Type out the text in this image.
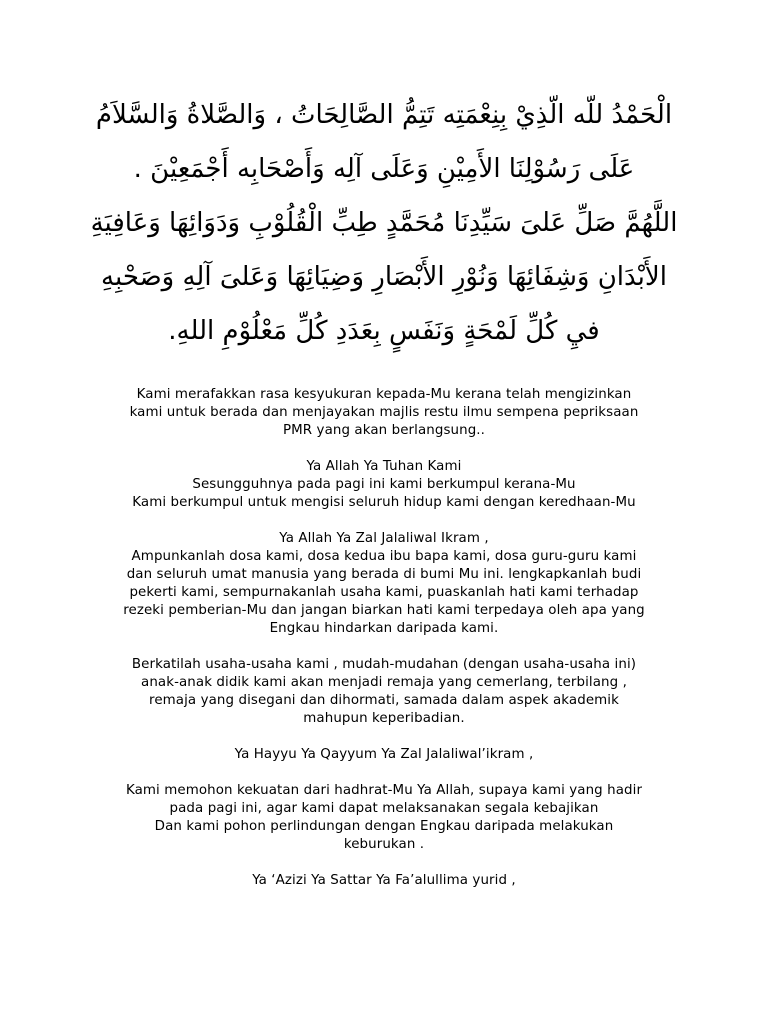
الْحَمْدُ للّه الّذِيْ بِنِعْمَتِه تَتِمُّ الصَّالِحَاتُ ، وَالصَّلاةُ وَالسَّلاَمُ
عَلَى رَسُوْلِنَا الأَمِيْنِ وَعَلَى آلِه وَأَصْحَابِه أَجْمَعِيْنَ .
اللَّهُمَّ صَلِّ عَلىَ سَيِّدِنَا مُحَمَّدٍ طِبِّ الْقُلُوْبِ وَدَوَائِهَا وَعَافِيَةِ
الأَبْدَانِ وَشِفَائِهَا وَنُوْرِ الأَبْصَارِ وَضِيَائِهَا وَعَلىَ آلِهِ وَصَحْبِهِ
فيِ كُلِّ لَمْحَةٍ وَنَفَسٍ بِعَدَدِ كُلِّ مَعْلُوْمِ اللهِ.

Kami merafakkan rasa kesyukuran kepada-Mu kerana telah mengizinkan
kami untuk berada dan menjayakan majlis restu ilmu sempena pepriksaan
PMR yang akan berlangsung..

Ya Allah Ya Tuhan Kami
Sesungguhnya pada pagi ini kami berkumpul kerana-Mu
Kami berkumpul untuk mengisi seluruh hidup kami dengan keredhaan-Mu

Ya Allah Ya Zal Jalaliwal Ikram ,
Ampunkanlah dosa kami, dosa kedua ibu bapa kami, dosa guru-guru kami
dan seluruh umat manusia yang berada di bumi Mu ini. lengkapkanlah budi
pekerti kami, sempurnakanlah usaha kami, puaskanlah hati kami terhadap
rezeki pemberian-Mu dan jangan biarkan hati kami terpedaya oleh apa yang
Engkau hindarkan daripada kami.

Berkatilah usaha-usaha kami , mudah-mudahan (dengan usaha-usaha ini)
anak-anak didik kami akan menjadi remaja yang cemerlang, terbilang ,
remaja yang disegani dan dihormati, samada dalam aspek akademik
mahupun keperibadian.

Ya Hayyu Ya Qayyum Ya Zal Jalaliwal’ikram ,

Kami memohon kekuatan dari hadhrat-Mu Ya Allah, supaya kami yang hadir
pada pagi ini, agar kami dapat melaksanakan segala kebajikan
Dan kami pohon perlindungan dengan Engkau daripada melakukan
keburukan .

Ya ‘Azizi Ya Sattar Ya Fa’alullima yurid ,
